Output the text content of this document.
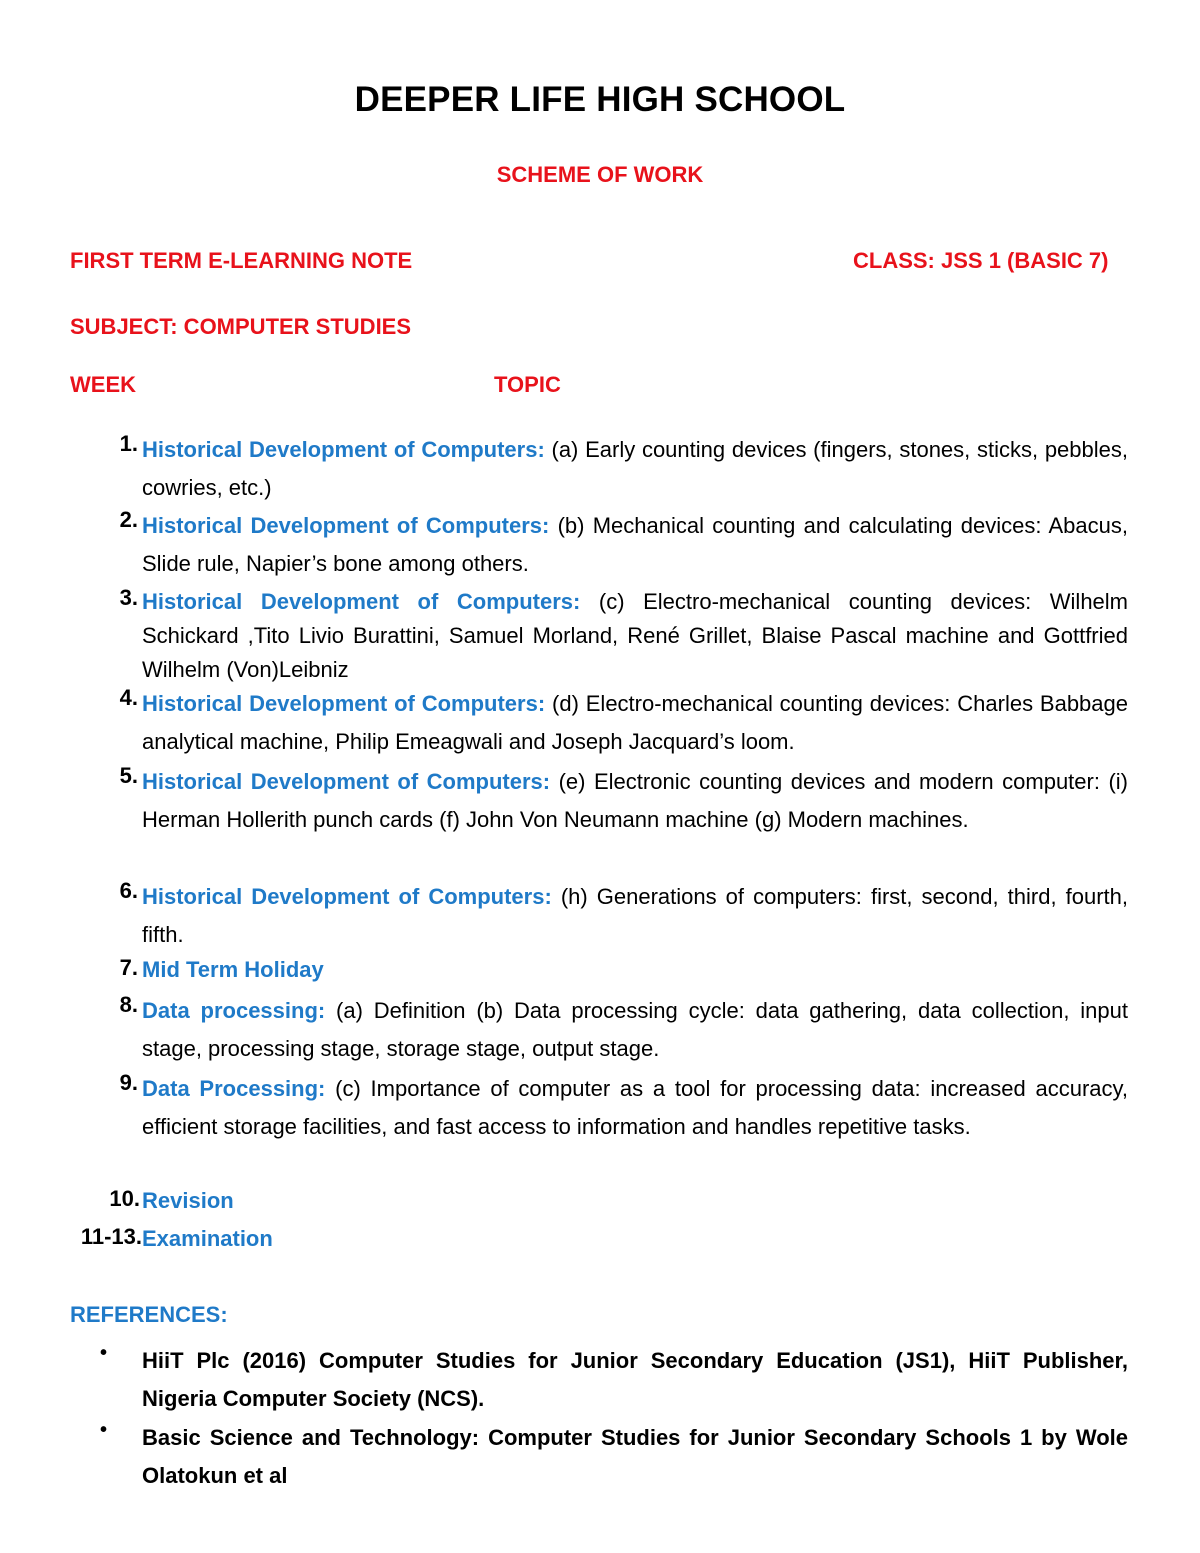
DEEPER LIFE HIGH SCHOOL
SCHEME OF WORK
FIRST TERM E-LEARNING NOTE	CLASS: JSS 1 (BASIC 7)
SUBJECT: COMPUTER STUDIES
WEEK	TOPIC
1. Historical Development of Computers: (a) Early counting devices (fingers, stones, sticks, pebbles, cowries, etc.)
2. Historical Development of Computers: (b) Mechanical counting and calculating devices: Abacus, Slide rule, Napier’s bone among others.
3. Historical Development of Computers: (c) Electro-mechanical counting devices: Wilhelm Schickard ,Tito Livio Burattini, Samuel Morland, René Grillet, Blaise Pascal machine and Gottfried Wilhelm (Von)Leibniz
4. Historical Development of Computers: (d) Electro-mechanical counting devices: Charles Babbage analytical machine, Philip Emeagwali and Joseph Jacquard’s loom.
5. Historical Development of Computers: (e) Electronic counting devices and modern computer: (i) Herman Hollerith punch cards (f) John Von Neumann machine (g) Modern machines.
6. Historical Development of Computers: (h) Generations of computers: first, second, third, fourth, fifth.
7. Mid Term Holiday
8. Data processing: (a) Definition (b) Data processing cycle: data gathering, data collection, input stage, processing stage, storage stage, output stage.
9. Data Processing: (c) Importance of computer as a tool for processing data: increased accuracy, efficient storage facilities, and fast access to information and handles repetitive tasks.
10. Revision
11-13. Examination
REFERENCES:
• HiiT Plc (2016) Computer Studies for Junior Secondary Education (JS1), HiiT Publisher, Nigeria Computer Society (NCS).
• Basic Science and Technology: Computer Studies for Junior Secondary Schools 1 by Wole Olatokun et al
